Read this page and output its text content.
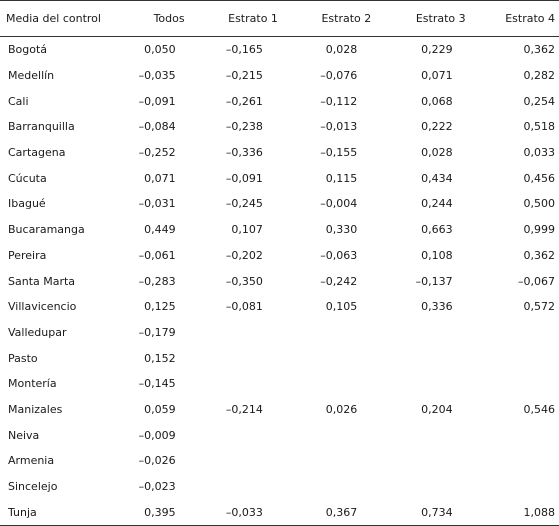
Media del control	Todos	Estrato 1	Estrato 2	Estrato 3	Estrato 4
Bogotá	0,050	–0,165	0,028	0,229	0,362
Medellín	–0,035	–0,215	–0,076	0,071	0,282
Cali	–0,091	–0,261	–0,112	0,068	0,254
Barranquilla	–0,084	–0,238	–0,013	0,222	0,518
Cartagena	–0,252	–0,336	–0,155	0,028	0,033
Cúcuta	0,071	–0,091	0,115	0,434	0,456
Ibagué	–0,031	–0,245	–0,004	0,244	0,500
Bucaramanga	0,449	0,107	0,330	0,663	0,999
Pereira	–0,061	–0,202	–0,063	0,108	0,362
Santa Marta	–0,283	–0,350	–0,242	–0,137	–0,067
Villavicencio	0,125	–0,081	0,105	0,336	0,572
Valledupar	–0,179				
Pasto	0,152				
Montería	–0,145				
Manizales	0,059	–0,214	0,026	0,204	0,546
Neiva	–0,009				
Armenia	–0,026				
Sincelejo	–0,023				
Tunja	0,395	–0,033	0,367	0,734	1,088
